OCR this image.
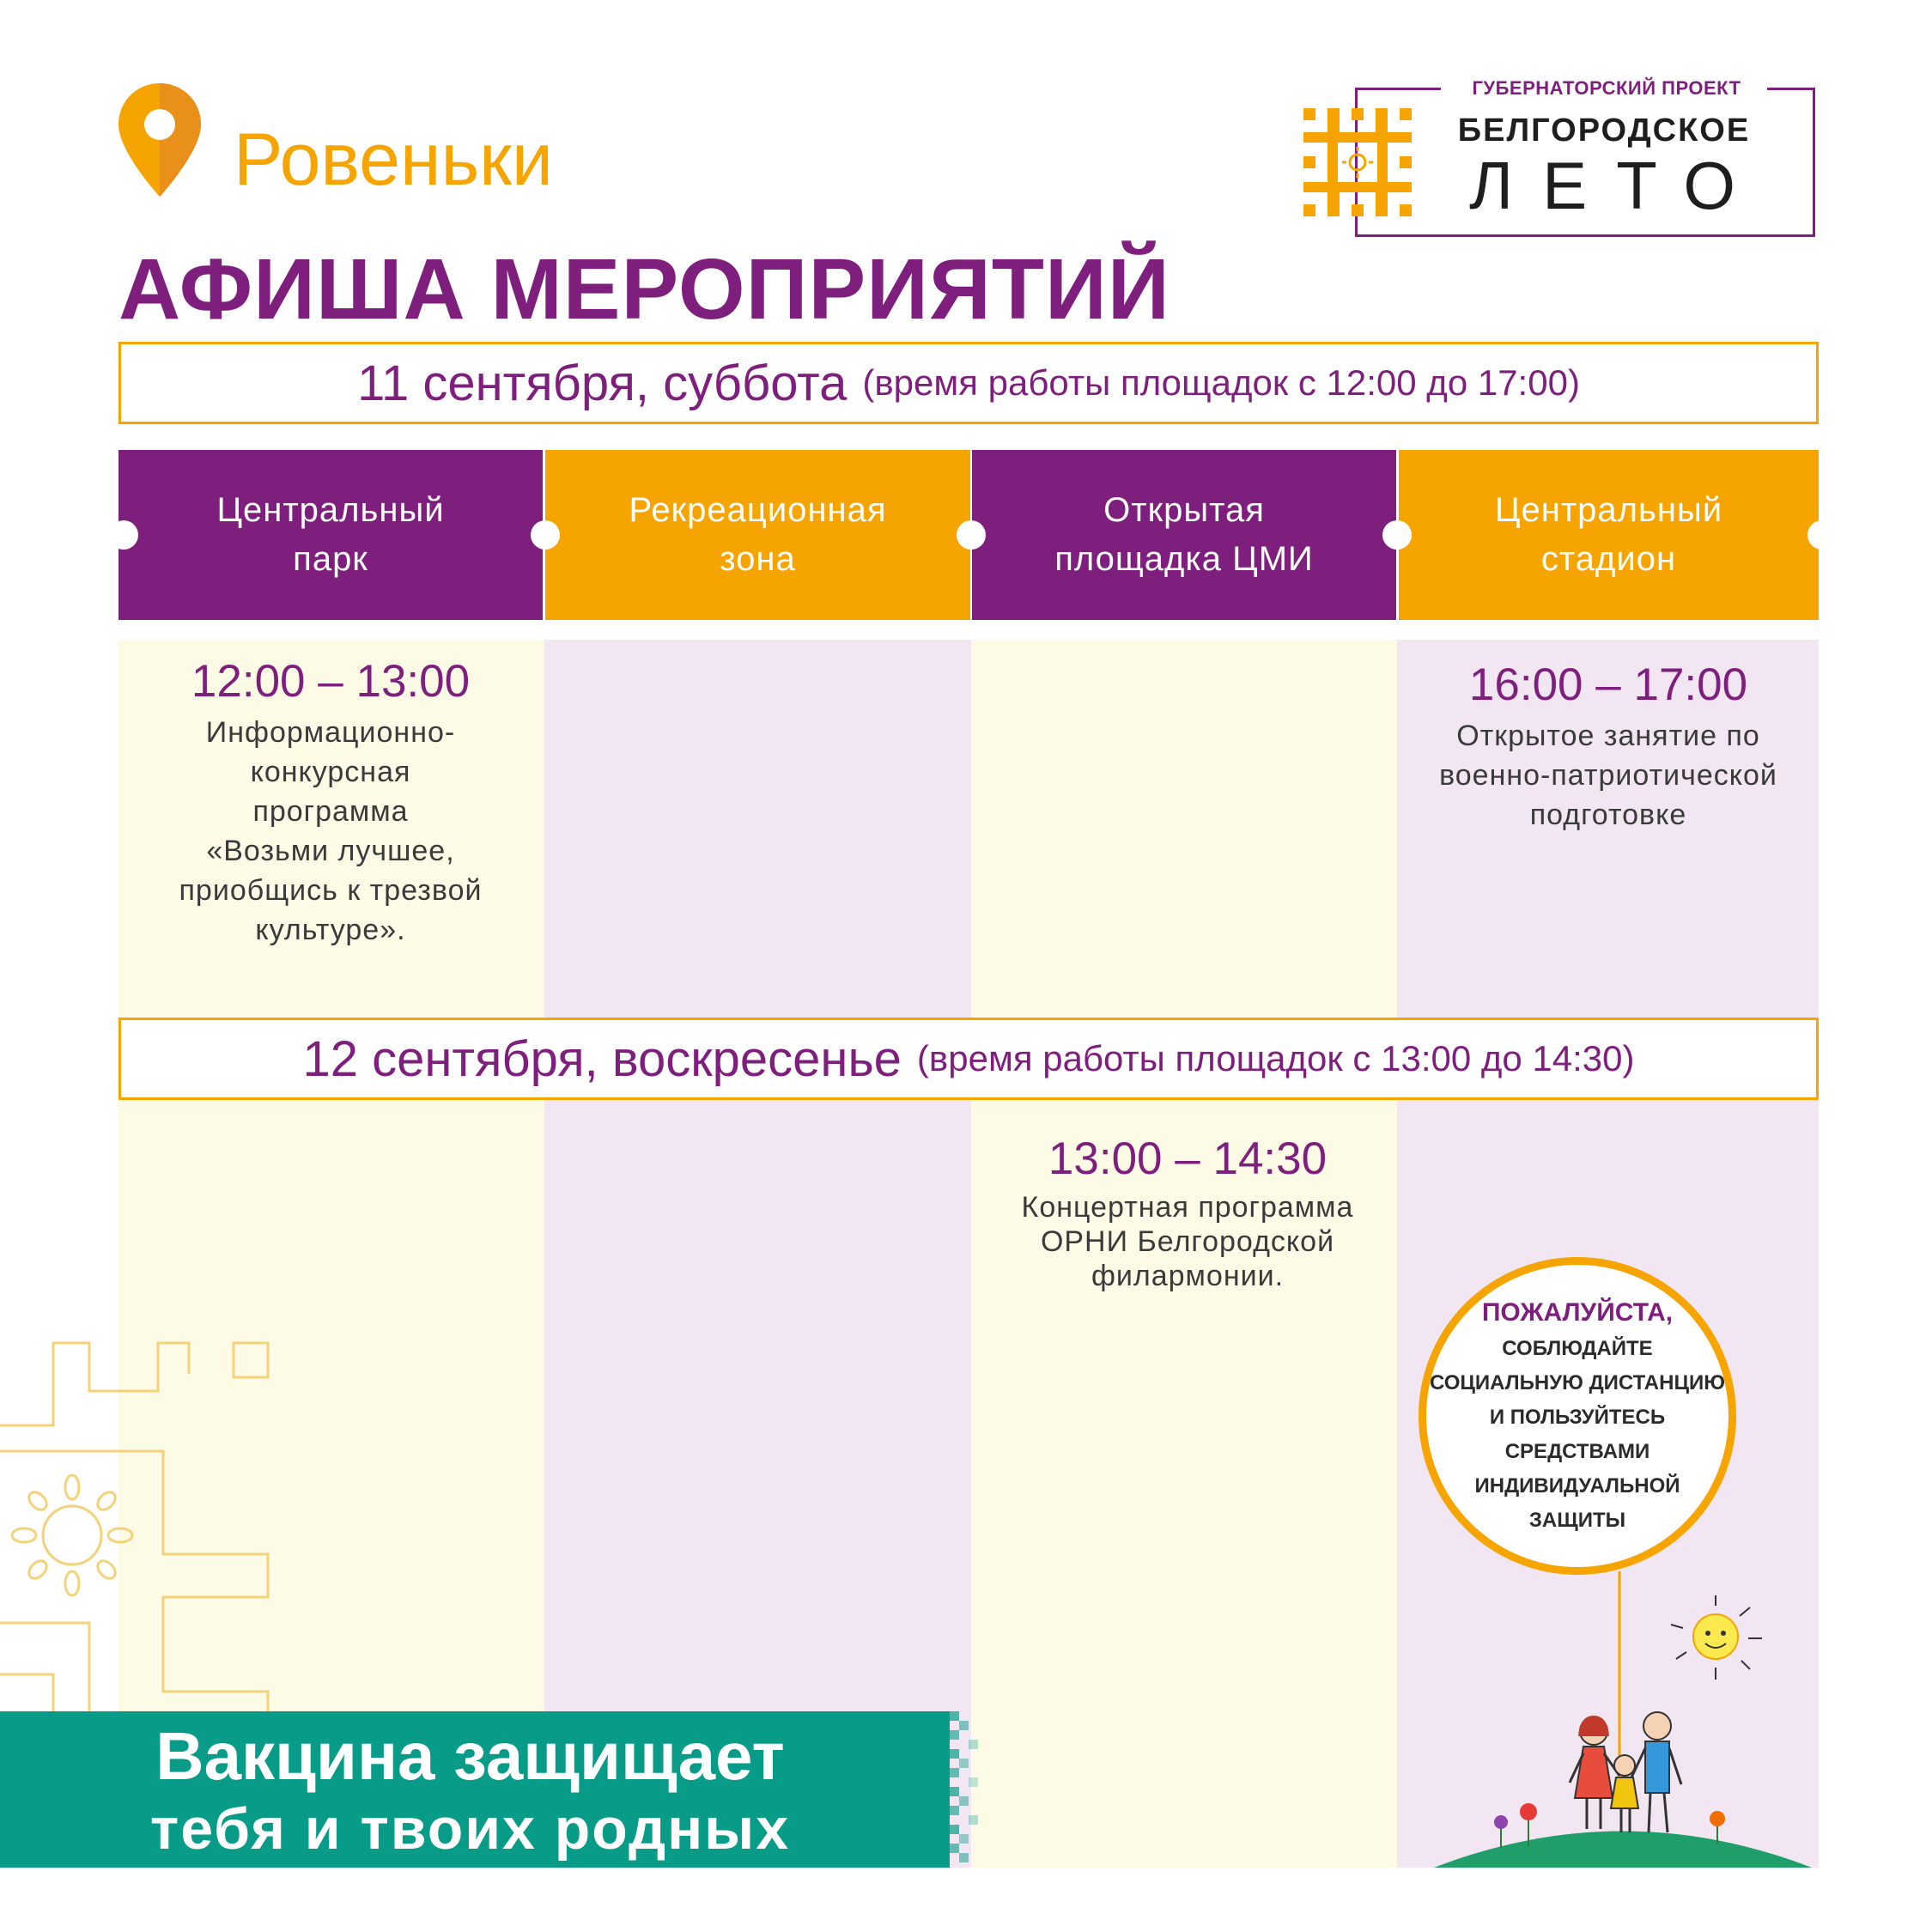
Ровеньки
АФИША МЕРОПРИЯТИЙ
ГУБЕРНАТОРСКИЙ ПРОЕКТ
БЕЛГОРОДСКОЕ
ЛЕТО
11 сентября, суббота (время работы площадок с 12:00 до 17:00)
Центральный
парк
Рекреационная
зона
Открытая
площадка ЦМИ
Центральный
стадион
12:00 – 13:00
Информационно-
конкурсная
программа
«Возьми лучшее,
приобщись к трезвой
культуре».
16:00 – 17:00
Открытое занятие по
военно-патриотической
подготовке
12 сентября, воскресенье (время работы площадок с 13:00 до 14:30)
13:00 – 14:30
Концертная программа
ОРНИ Белгородской
филармонии.
ПОЖАЛУЙСТА,
СОБЛЮДАЙТЕ
СОЦИАЛЬНУЮ ДИСТАНЦИЮ
И ПОЛЬЗУЙТЕСЬ
СРЕДСТВАМИ
ИНДИВИДУАЛЬНОЙ
ЗАЩИТЫ
Вакцина защищает
тебя и твоих родных
